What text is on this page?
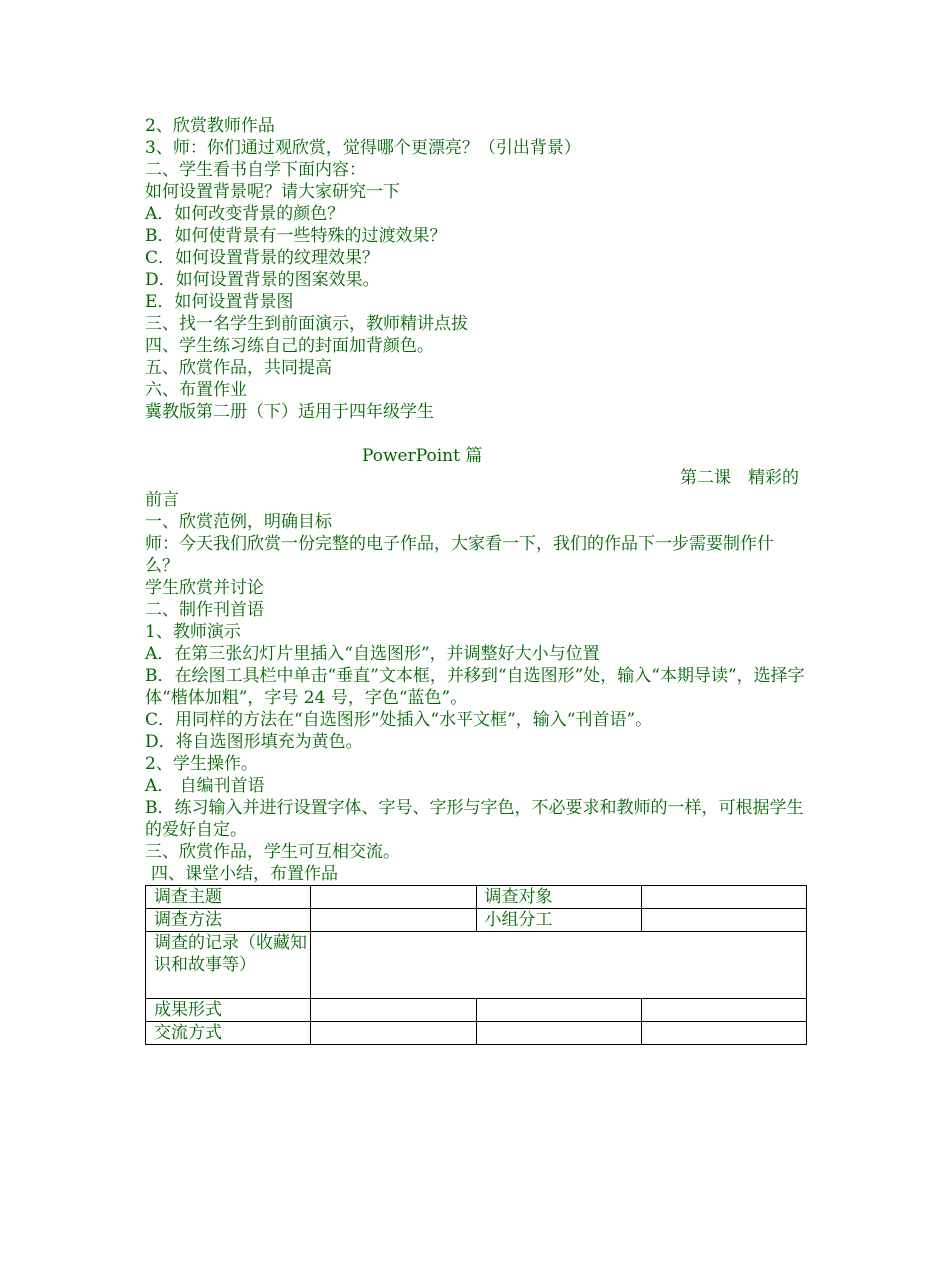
2、欣赏教师作品
3、师：你们通过观欣赏，觉得哪个更漂亮？（引出背景）
二、学生看书自学下面内容：
如何设置背景呢？请大家研究一下
A．如何改变背景的颜色？
B．如何使背景有一些特殊的过渡效果？
C．如何设置背景的纹理效果？
D．如何设置背景的图案效果。
E．如何设置背景图
三、找一名学生到前面演示，教师精讲点拔
四、学生练习练自己的封面加背颜色。
五、欣赏作品，共同提高
六、布置作业
冀教版第二册（下）适用于四年级学生
PowerPoint 篇
第二课　精彩的
前言
一、欣赏范例，明确目标
师：今天我们欣赏一份完整的电子作品，大家看一下，我们的作品下一步需要制作什么？
学生欣赏并讨论
二、制作刊首语
1、教师演示
A．在第三张幻灯片里插入“自选图形”，并调整好大小与位置
B．在绘图工具栏中单击“垂直”文本框，并移到“自选图形”处，输入“本期导读”，选择字体“楷体加粗”，字号 24 号，字色“蓝色”。
C．用同样的方法在“自选图形”处插入“水平文框”，输入“刊首语”。
D．将自选图形填充为黄色。
2、学生操作。
A． 自编刊首语
B．练习输入并进行设置字体、字号、字形与字色，不必要求和教师的一样，可根据学生的爱好自定。
三、欣赏作品，学生可互相交流。
四、课堂小结，布置作品
调查主题		调查对象	
调查方法		小组分工	
调查的记录（收藏知识和故事等）			
成果形式			
交流方式			
